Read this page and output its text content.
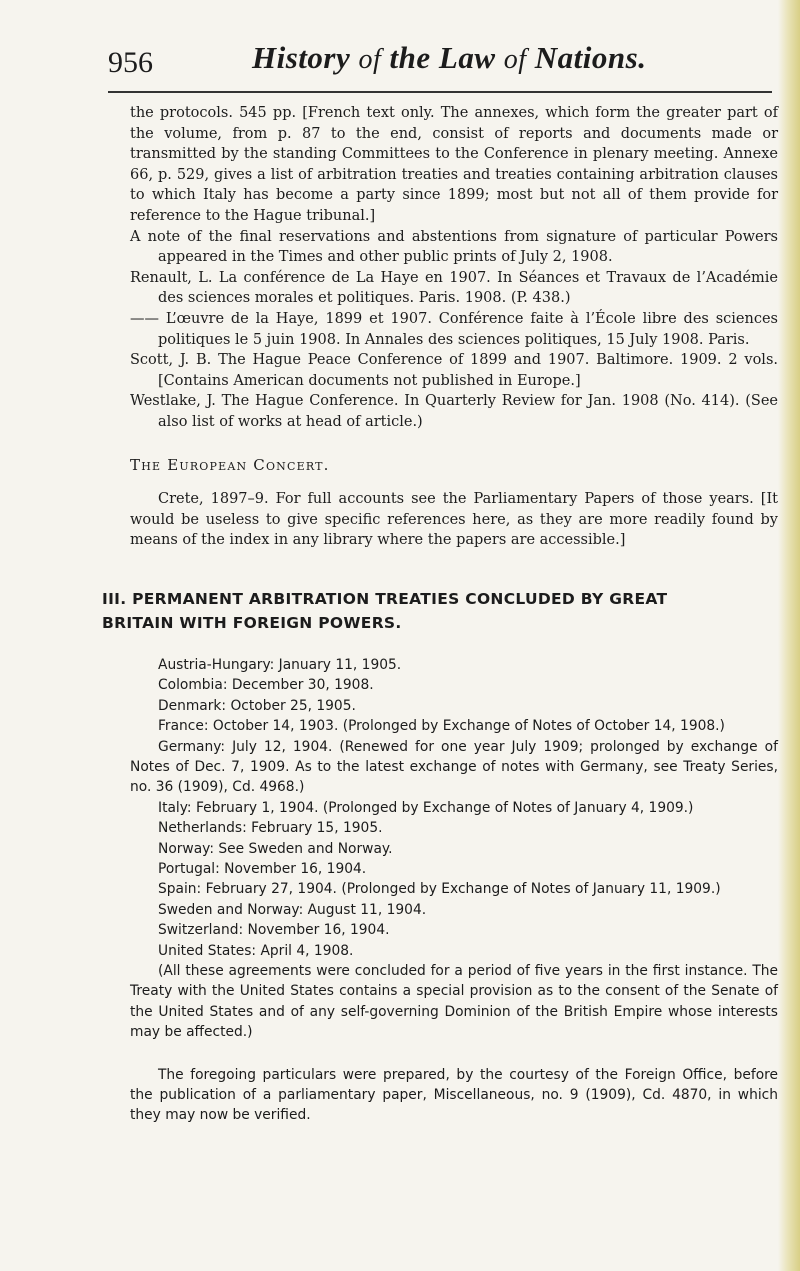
956	History of the Law of Nations.

the protocols. 545 pp. [French text only. The annexes, which form the greater part of the volume, from p. 87 to the end, consist of reports and documents made or transmitted by the standing Committees to the Conference in plenary meeting. Annexe 66, p. 529, gives a list of arbitration treaties and treaties containing arbitration clauses to which Italy has become a party since 1899; most but not all of them provide for reference to the Hague tribunal.]

A note of the final reservations and abstentions from signature of particular Powers appeared in the Times and other public prints of July 2, 1908.

Renault, L. La conférence de La Haye en 1907. In Séances et Travaux de l’Académie des sciences morales et politiques. Paris. 1908. (P. 438.)

—— L’œuvre de la Haye, 1899 et 1907. Conférence faite à l’École libre des sciences politiques le 5 juin 1908. In Annales des sciences politiques, 15 July 1908. Paris.

Scott, J. B. The Hague Peace Conference of 1899 and 1907. Baltimore. 1909. 2 vols. [Contains American documents not published in Europe.]

Westlake, J. The Hague Conference. In Quarterly Review for Jan. 1908 (No. 414). (See also list of works at head of article.)

The European Concert.

Crete, 1897–9. For full accounts see the Parliamentary Papers of those years. [It would be useless to give specific references here, as they are more readily found by means of the index in any library where the papers are accessible.]

III. PERMANENT ARBITRATION TREATIES CONCLUDED BY GREAT
BRITAIN WITH FOREIGN POWERS.

Austria-Hungary: January 11, 1905.

Colombia: December 30, 1908.

Denmark: October 25, 1905.

France: October 14, 1903. (Prolonged by Exchange of Notes of October 14, 1908.)

Germany: July 12, 1904. (Renewed for one year July 1909; prolonged by exchange of Notes of Dec. 7, 1909. As to the latest exchange of notes with Germany, see Treaty Series, no. 36 (1909), Cd. 4968.)

Italy: February 1, 1904. (Prolonged by Exchange of Notes of January 4, 1909.)

Netherlands: February 15, 1905.

Norway: See Sweden and Norway.

Portugal: November 16, 1904.

Spain: February 27, 1904. (Prolonged by Exchange of Notes of January 11, 1909.)

Sweden and Norway: August 11, 1904.

Switzerland: November 16, 1904.

United States: April 4, 1908.

(All these agreements were concluded for a period of five years in the first instance. The Treaty with the United States contains a special provision as to the consent of the Senate of the United States and of any self-governing Dominion of the British Empire whose interests may be affected.)

The foregoing particulars were prepared, by the courtesy of the Foreign Office, before the publication of a parliamentary paper, Miscellaneous, no. 9 (1909), Cd. 4870, in which they may now be verified.
